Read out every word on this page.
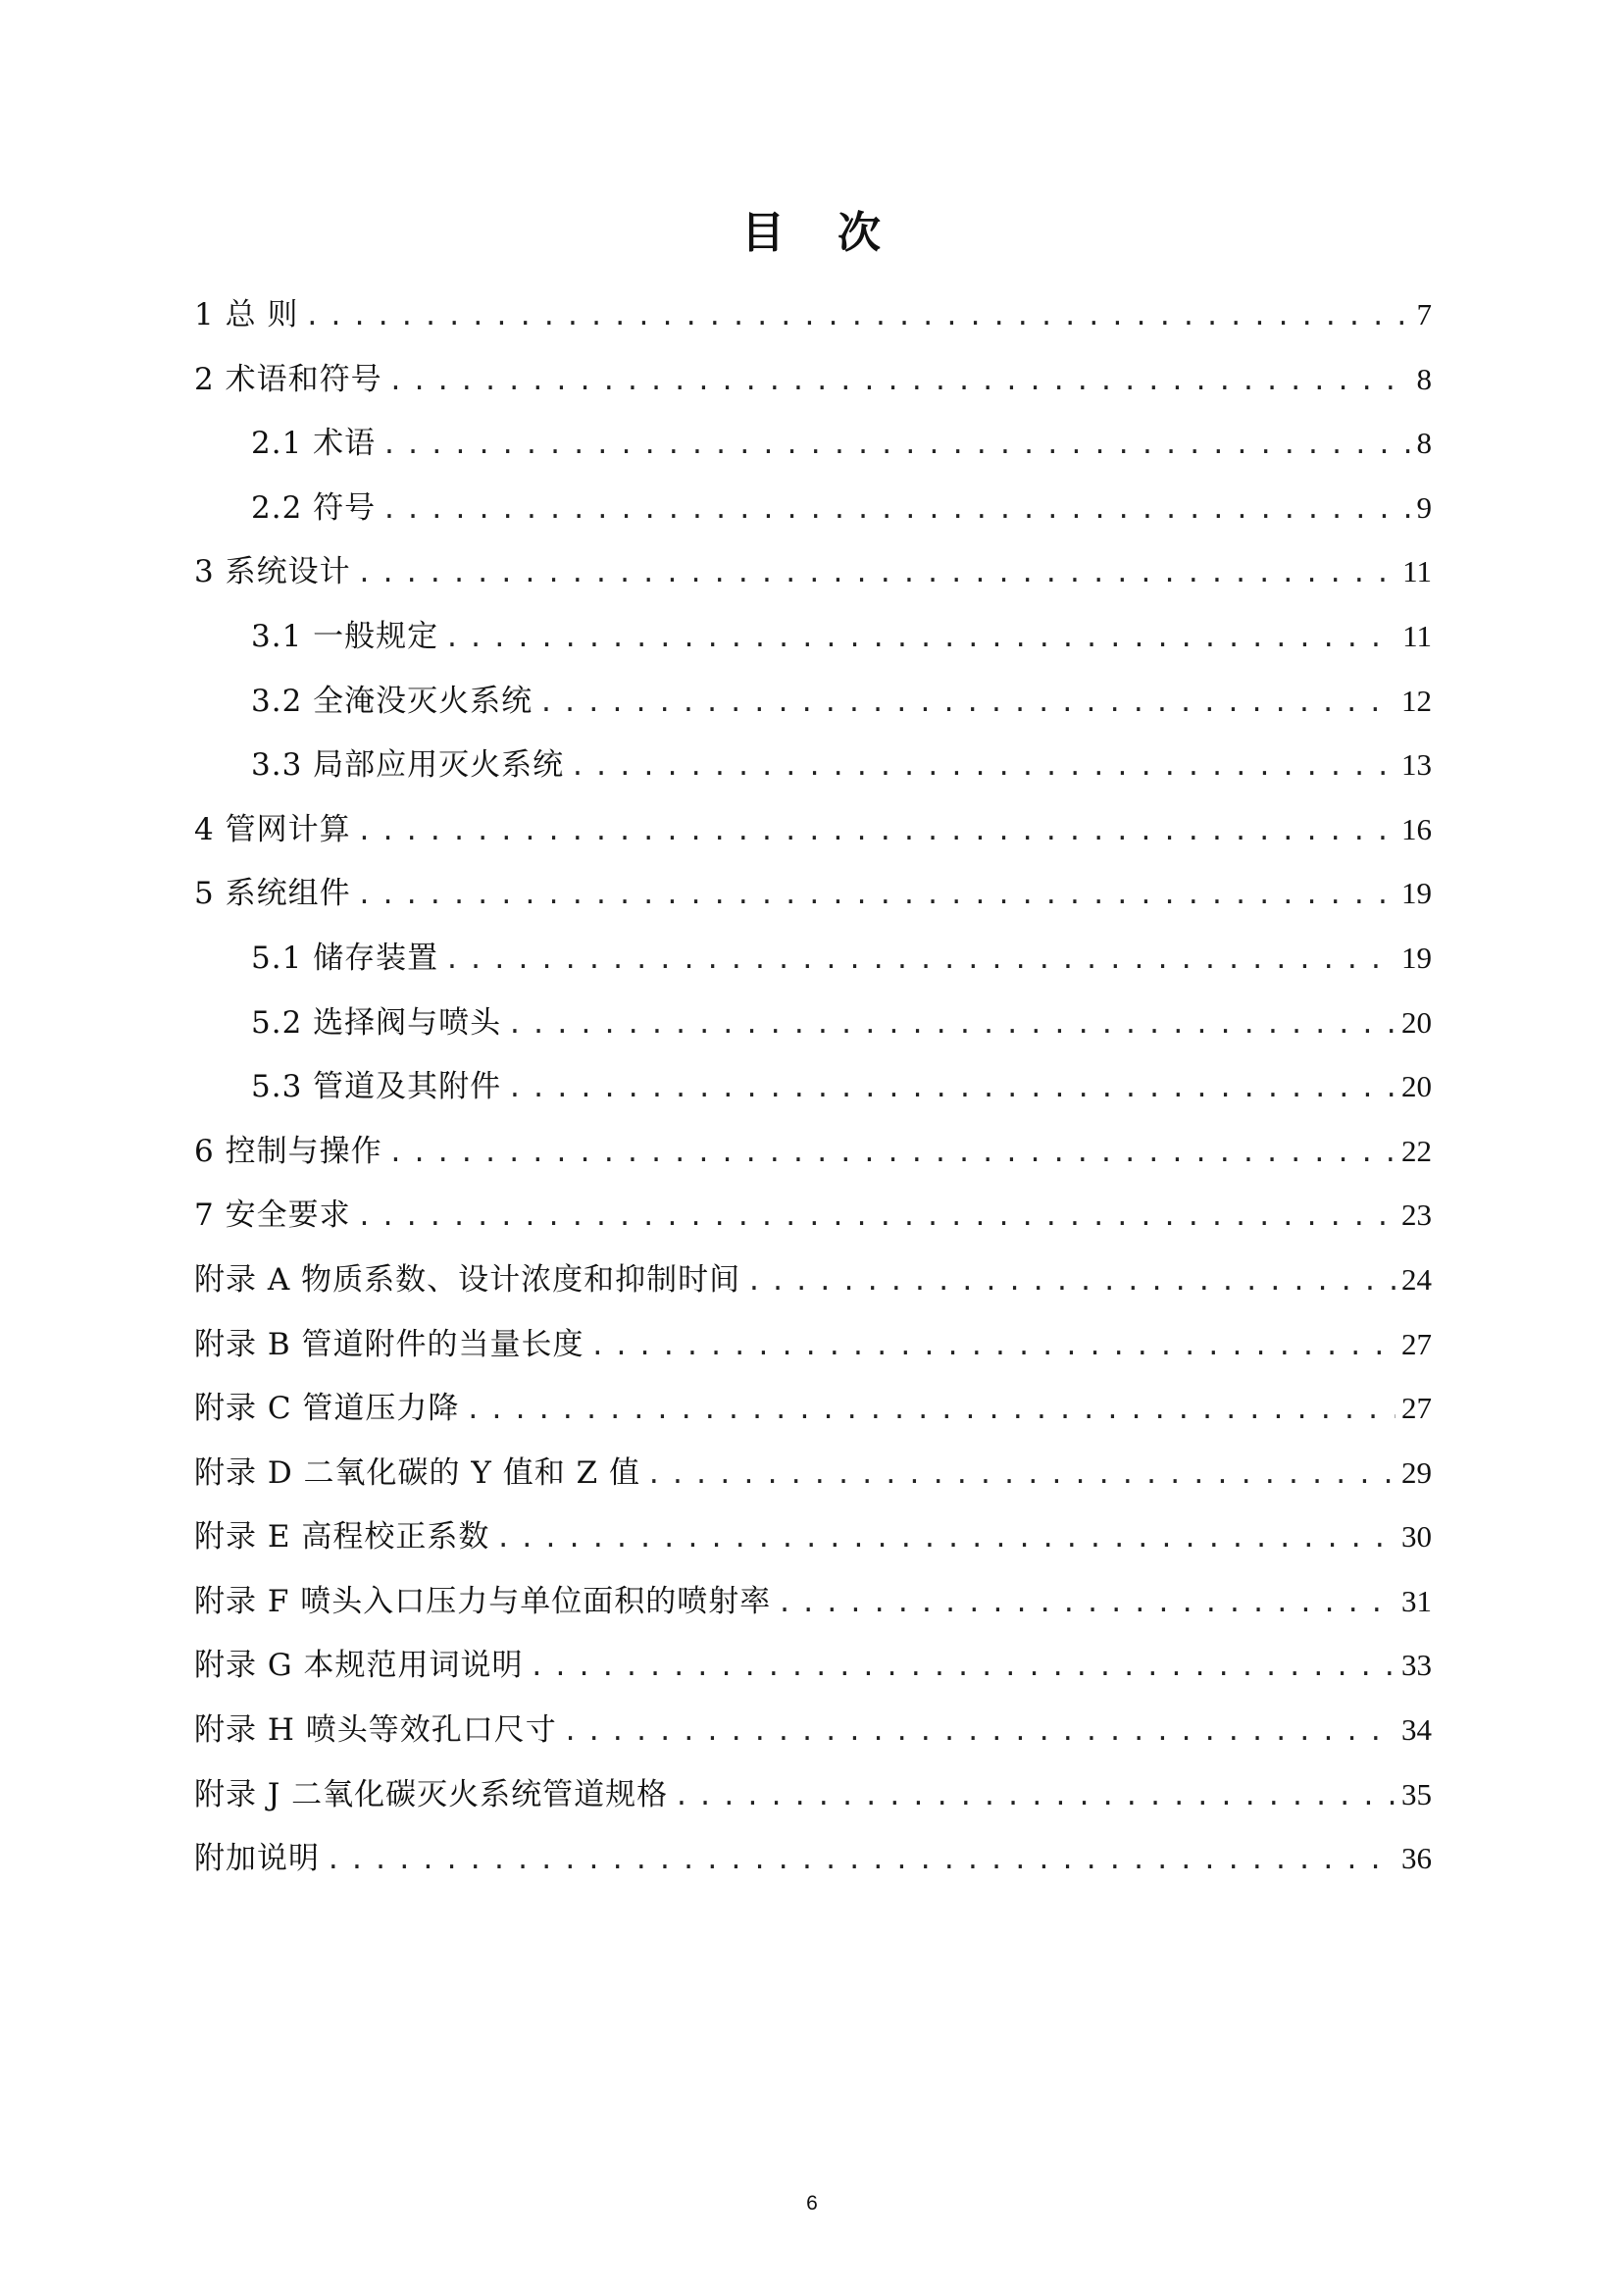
目 次
1 总 则 .....	7
2 术语和符号 .....	8
2.1 术语 .....	8
2.2 符号 .....	9
3 系统设计 .....	11
3.1 一般规定 .....	11
3.2 全淹没灭火系统 .....	12
3.3 局部应用灭火系统 .....	13
4 管网计算 .....	16
5 系统组件 .....	19
5.1 储存装置 .....	19
5.2 选择阀与喷头 .....	20
5.3 管道及其附件 .....	20
6 控制与操作 .....	22
7 安全要求 .....	23
附录 A 物质系数、设计浓度和抑制时间 .....	24
附录 B 管道附件的当量长度 .....	27
附录 C 管道压力降 .....	27
附录 D 二氧化碳的 Y 值和 Z 值 .....	29
附录 E 高程校正系数 .....	30
附录 F 喷头入口压力与单位面积的喷射率 .....	31
附录 G 本规范用词说明 .....	33
附录 H 喷头等效孔口尺寸 .....	34
附录 J 二氧化碳灭火系统管道规格 .....	35
附加说明 .....	36

6
